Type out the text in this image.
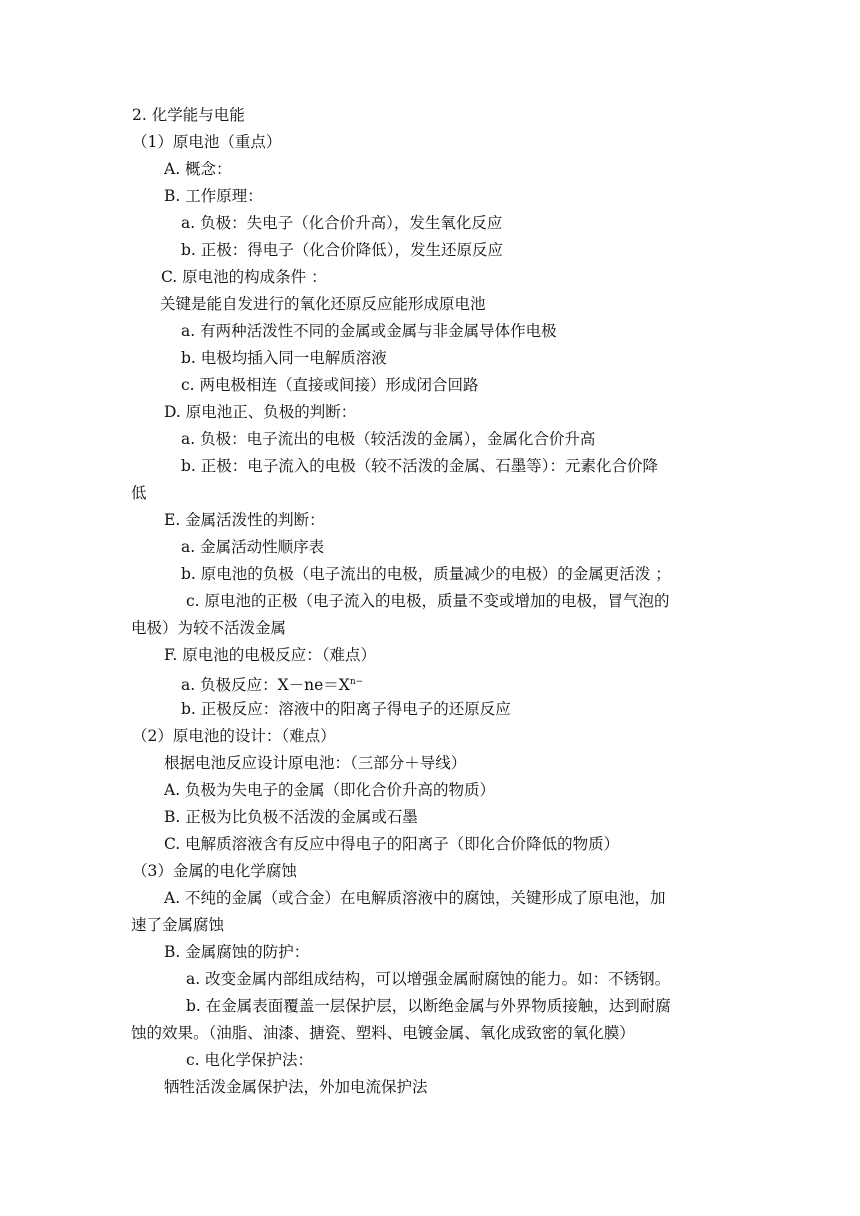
2. 化学能与电能

（1）原电池（重点）

A. 概念：

B. 工作原理：

a. 负极：失电子（化合价升高），发生氧化反应

b. 正极：得电子（化合价降低），发生还原反应

C. 原电池的构成条件 ：

关键是能自发进行的氧化还原反应能形成原电池

a. 有两种活泼性不同的金属或金属与非金属导体作电极

b. 电极均插入同一电解质溶液

c. 两电极相连（直接或间接）形成闭合回路

D. 原电池正、负极的判断：

a. 负极：电子流出的电极（较活泼的金属），金属化合价升高

b. 正极：电子流入的电极（较不活泼的金属、石墨等）：元素化合价降

低

E. 金属活泼性的判断：

a. 金属活动性顺序表

b. 原电池的负极（电子流出的电极，质量减少的电极）的金属更活泼 ；

c. 原电池的正极（电子流入的电极，质量不变或增加的电极，冒气泡的

电极）为较不活泼金属

F. 原电池的电极反应：（难点）

a. 负极反应：$X-ne=X^{n-}$

b. 正极反应：溶液中的阳离子得电子的还原反应

（2）原电池的设计：（难点）

根据电池反应设计原电池：（三部分＋导线）

A. 负极为失电子的金属（即化合价升高的物质）

B. 正极为比负极不活泼的金属或石墨

C. 电解质溶液含有反应中得电子的阳离子（即化合价降低的物质）

（3）金属的电化学腐蚀

A. 不纯的金属（或合金）在电解质溶液中的腐蚀，关键形成了原电池，加

速了金属腐蚀

B. 金属腐蚀的防护：

a. 改变金属内部组成结构，可以增强金属耐腐蚀的能力。如：不锈钢。

b. 在金属表面覆盖一层保护层，以断绝金属与外界物质接触，达到耐腐

蚀的效果。（油脂、油漆、搪瓷、塑料、电镀金属、氧化成致密的氧化膜）

c. 电化学保护法：

牺牲活泼金属保护法，外加电流保护法
